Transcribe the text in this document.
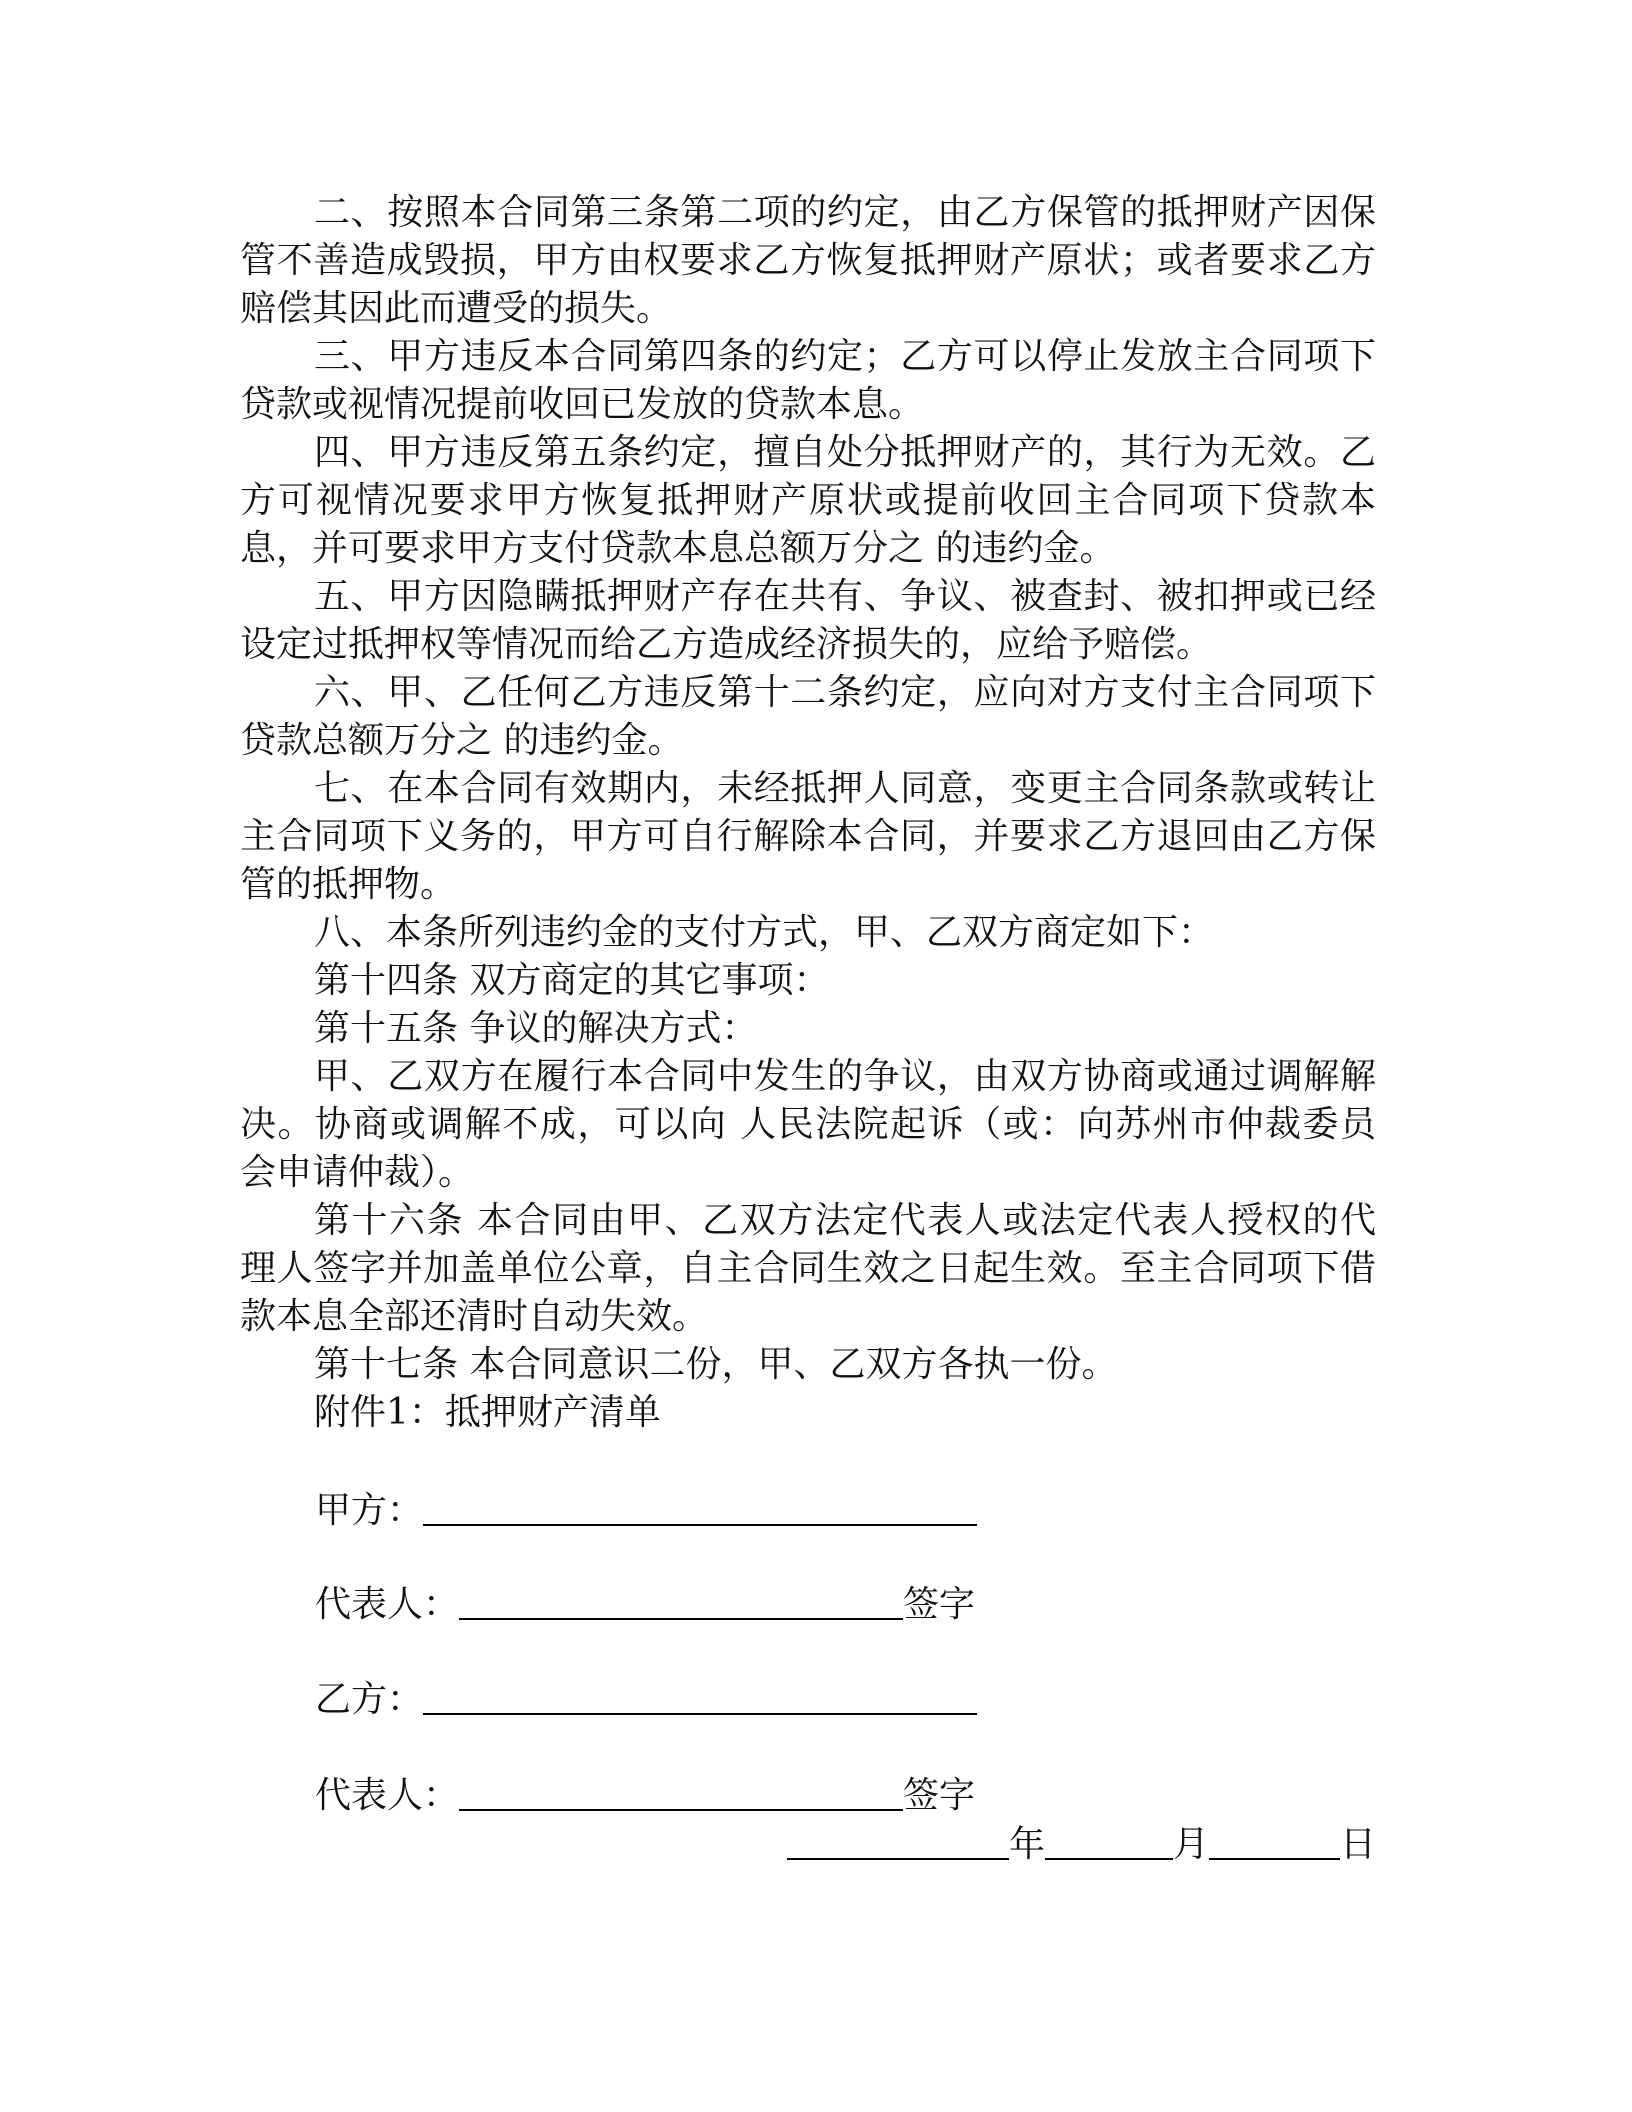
二、按照本合同第三条第二项的约定，由乙方保管的抵押财产因保
管不善造成毁损，甲方由权要求乙方恢复抵押财产原状；或者要求乙方
赔偿其因此而遭受的损失。
三、甲方违反本合同第四条的约定；乙方可以停止发放主合同项下
贷款或视情况提前收回已发放的贷款本息。
四、甲方违反第五条约定，擅自处分抵押财产的，其行为无效。乙
方可视情况要求甲方恢复抵押财产原状或提前收回主合同项下贷款本
息，并可要求甲方支付贷款本息总额万分之 的违约金。
五、甲方因隐瞒抵押财产存在共有、争议、被查封、被扣押或已经
设定过抵押权等情况而给乙方造成经济损失的，应给予赔偿。
六、甲、乙任何乙方违反第十二条约定，应向对方支付主合同项下
贷款总额万分之 的违约金。
七、在本合同有效期内，未经抵押人同意，变更主合同条款或转让
主合同项下义务的，甲方可自行解除本合同，并要求乙方退回由乙方保
管的抵押物。
八、本条所列违约金的支付方式，甲、乙双方商定如下：
第十四条 双方商定的其它事项：
第十五条 争议的解决方式：
甲、乙双方在履行本合同中发生的争议，由双方协商或通过调解解
决。协商或调解不成，可以向 人民法院起诉（或：向苏州市仲裁委员
会申请仲裁）。
第十六条 本合同由甲、乙双方法定代表人或法定代表人授权的代
理人签字并加盖单位公章，自主合同生效之日起生效。至主合同项下借
款本息全部还清时自动失效。
第十七条 本合同意识二份，甲、乙双方各执一份。
附件1：抵押财产清单
甲方：
代表人：	签字
乙方：
代表人：	签字
年	月	日
